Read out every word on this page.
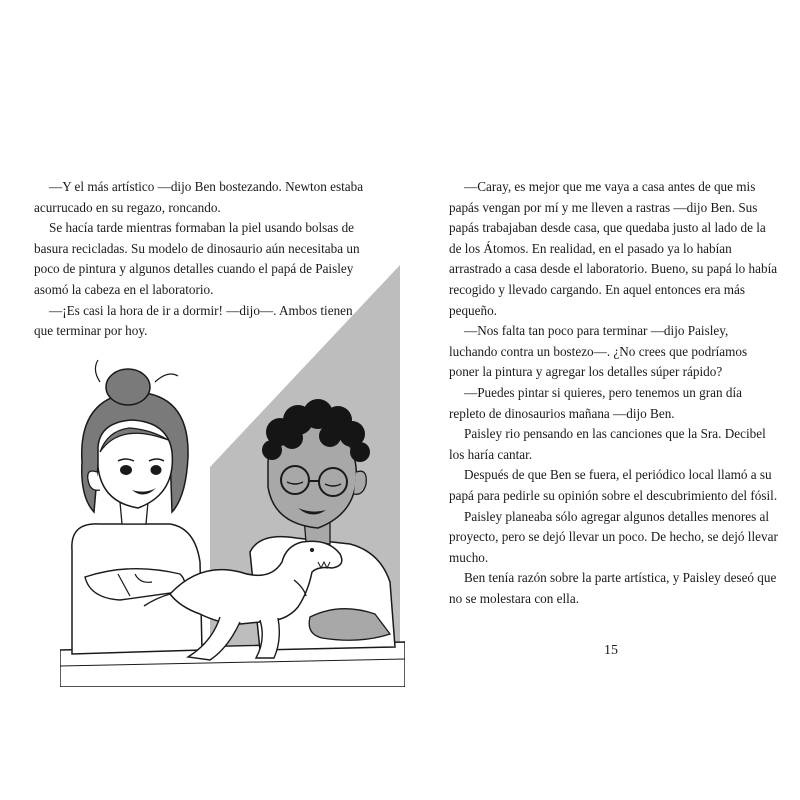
—Y el más artístico —dijo Ben bostezando. Newton estaba acurrucado en su regazo, roncando.

Se hacía tarde mientras formaban la piel usando bolsas de basura recicladas. Su modelo de dinosaurio aún necesitaba un poco de pintura y algunos detalles cuando el papá de Paisley asomó la cabeza en el laboratorio.

—¡Es casi la hora de ir a dormir! —dijo—. Ambos tienen que terminar por hoy.

—Caray, es mejor que me vaya a casa antes de que mis papás vengan por mí y me lleven a rastras —dijo Ben. Sus papás trabajaban desde casa, que quedaba justo al lado de la de los Átomos. En realidad, en el pasado ya lo habían arrastrado a casa desde el laboratorio. Bueno, su papá lo había recogido y llevado cargando. En aquel entonces era más pequeño.

—Nos falta tan poco para terminar —dijo Paisley, luchando contra un bostezo—. ¿No crees que podríamos poner la pintura y agregar los detalles súper rápido?

—Puedes pintar si quieres, pero tenemos un gran día repleto de dinosaurios mañana —dijo Ben.

Paisley rio pensando en las canciones que la Sra. Decibel los haría cantar.

Después de que Ben se fuera, el periódico local llamó a su papá para pedirle su opinión sobre el descubrimiento del fósil.

Paisley planeaba sólo agregar algunos detalles menores al proyecto, pero se dejó llevar un poco. De hecho, se dejó llevar mucho.

Ben tenía razón sobre la parte artística, y Paisley deseó que no se molestara con ella.

15
